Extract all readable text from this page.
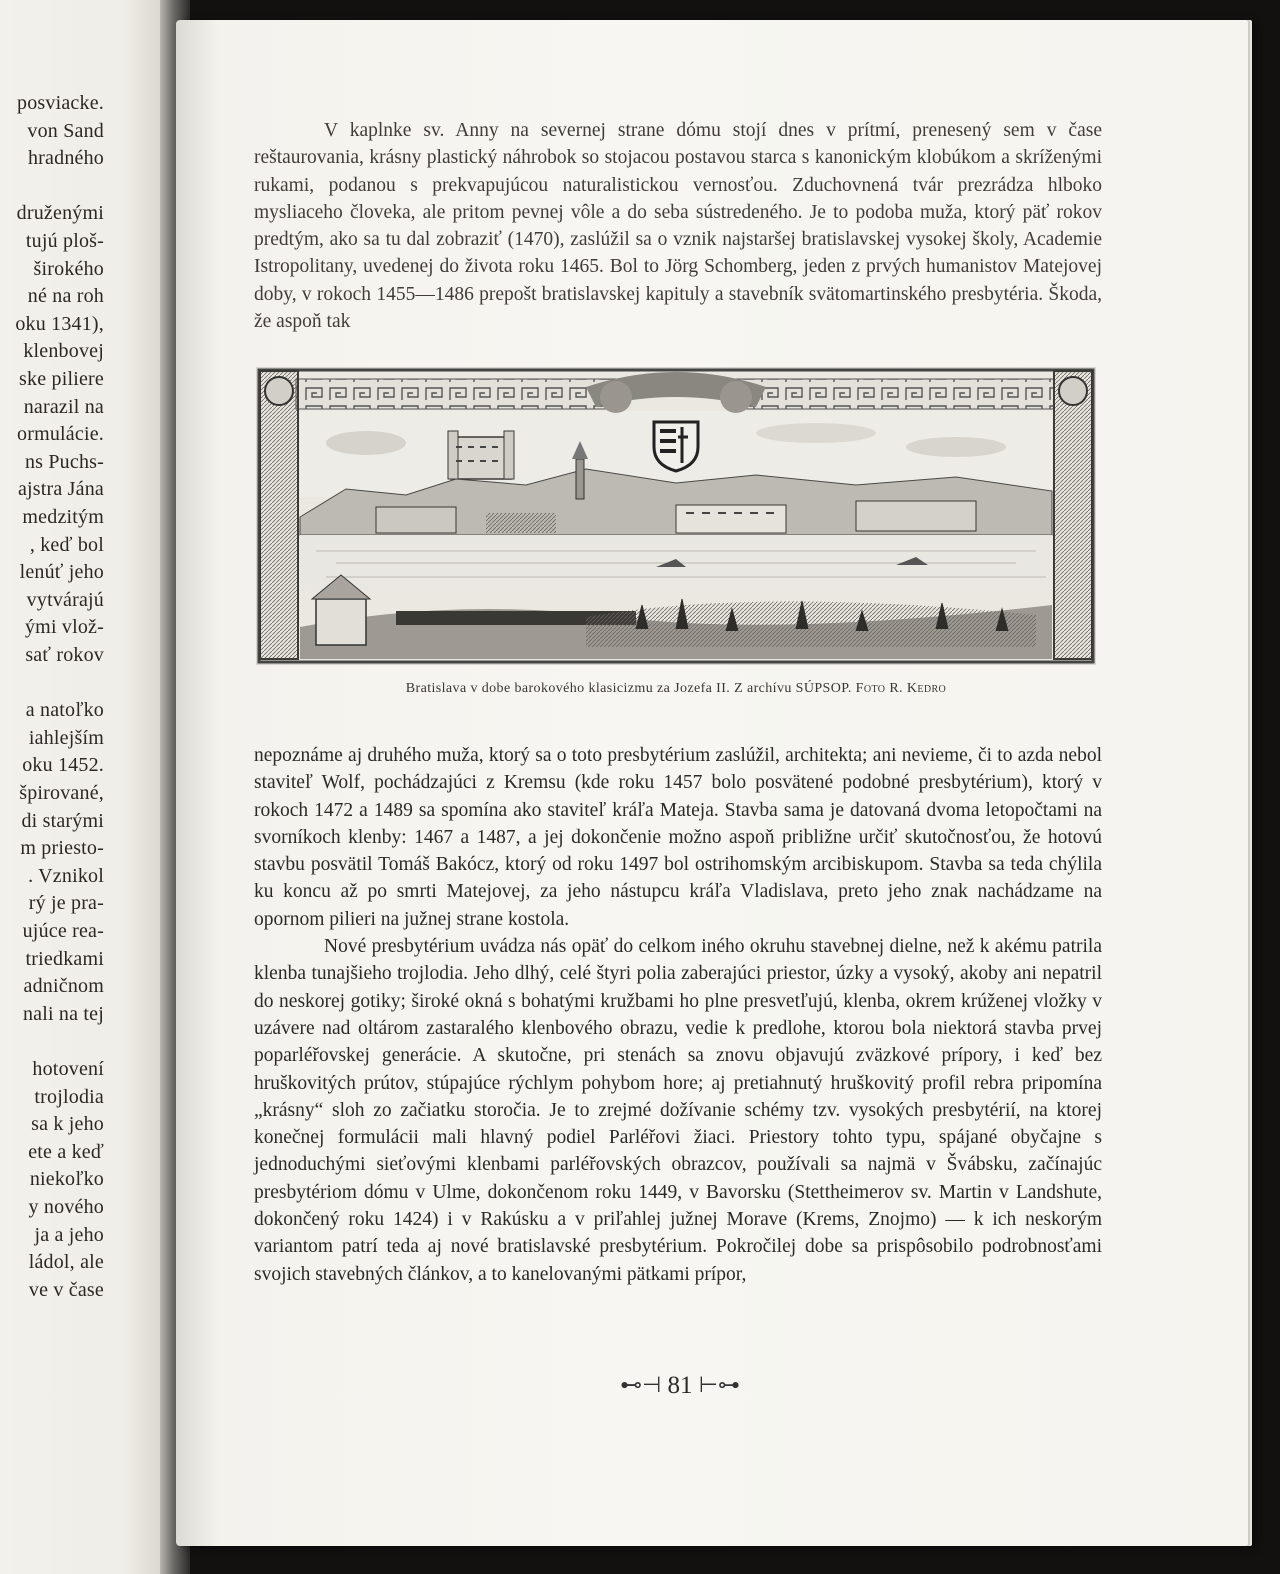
posviacke.
von Sand
hradného
druženými
tujú ploš-
širokého
né na roh
oku 1341),
klenbovej
ske piliere
narazil na
ormulácie.
ns Puchs-
ajstra Jána
medzitým
, keď bol
lenúť jeho
vytvárajú
ými vlož-
sať rokov
a natoľko
iahlejším
oku 1452.
špirované,
di starými
m priesto-
. Vznikol
rý je pra-
ujúce rea-
triedkami
adničnom
nali na tej
hotovení
trojlodia
sa k jeho
ete a keď
niekoľko
y nového
ja a jeho
ládol, ale
ve v čase

V kaplnke sv. Anny na severnej strane dómu stojí dnes v prítmí, prenesený sem v čase reštaurovania, krásny plastický náhrobok so stojacou postavou starca s kanonickým klobúkom a skríženými rukami, podanou s prekvapujúcou naturalistickou vernosťou. Zduchovnená tvár prezrádza hlboko mysliaceho človeka, ale pritom pevnej vôle a do seba sústredeného. Je to podoba muža, ktorý päť rokov predtým, ako sa tu dal zobraziť (1470), zaslúžil sa o vznik najstaršej bratislavskej vysokej školy, Academie Istropolitany, uvedenej do života roku 1465. Bol to Jörg Schomberg, jeden z prvých humanistov Matejovej doby, v rokoch 1455—1486 prepošt bratislavskej kapituly a stavebník svätomartinského presbytéria. Škoda, že aspoň tak

Bratislava v dobe barokového klasicizmu za Jozefa II. Z archívu SÚPSOP. Foto R. Kedro

nepoznáme aj druhého muža, ktorý sa o toto presbytérium zaslúžil, architekta; ani nevieme, či to azda nebol staviteľ Wolf, pochádzajúci z Kremsu (kde roku 1457 bolo posvätené podobné presbytérium), ktorý v rokoch 1472 a 1489 sa spomína ako staviteľ kráľa Mateja. Stavba sama je datovaná dvoma letopočtami na svorníkoch klenby: 1467 a 1487, a jej dokončenie možno aspoň približne určiť skutočnosťou, že hotovú stavbu posvätil Tomáš Bakócz, ktorý od roku 1497 bol ostrihomským arcibiskupom. Stavba sa teda chýlila ku koncu až po smrti Matejovej, za jeho nástupcu kráľa Vladislava, preto jeho znak nachádzame na opornom pilieri na južnej strane kostola.

Nové presbytérium uvádza nás opäť do celkom iného okruhu stavebnej dielne, než k akému patrila klenba tunajšieho trojlodia. Jeho dlhý, celé štyri polia zaberajúci priestor, úzky a vysoký, akoby ani nepatril do neskorej gotiky; široké okná s bohatými kružbami ho plne presvetľujú, klenba, okrem krúženej vložky v uzávere nad oltárom zastaralého klenbového obrazu, vedie k predlohe, ktorou bola niektorá stavba prvej poparléřovskej generácie. A skutočne, pri stenách sa znovu objavujú zväzkové prípory, i keď bez hruškovitých prútov, stúpajúce rýchlym pohybom hore; aj pretiahnutý hruškovitý profil rebra pripomína „krásny“ sloh zo začiatku storočia. Je to zrejmé dožívanie schémy tzv. vysokých presbytérií, na ktorej konečnej formulácii mali hlavný podiel Parléřovi žiaci. Priestory tohto typu, spájané obyčajne s jednoduchými sieťovými klenbami parléřovských obrazcov, používali sa najmä v Švábsku, začínajúc presbytériom dómu v Ulme, dokončenom roku 1449, v Bavorsku (Stettheimerov sv. Martin v Landshute, dokončený roku 1424) i v Rakúsku a v priľahlej južnej Morave (Krems, Znojmo) — k ich neskorým variantom patrí teda aj nové bratislavské presbytérium. Pokročilej dobe sa prispôsobilo podrobnosťami svojich stavebných článkov, a to kanelovanými pätkami prípor,

⊷⊣ 81 ⊢⊶
